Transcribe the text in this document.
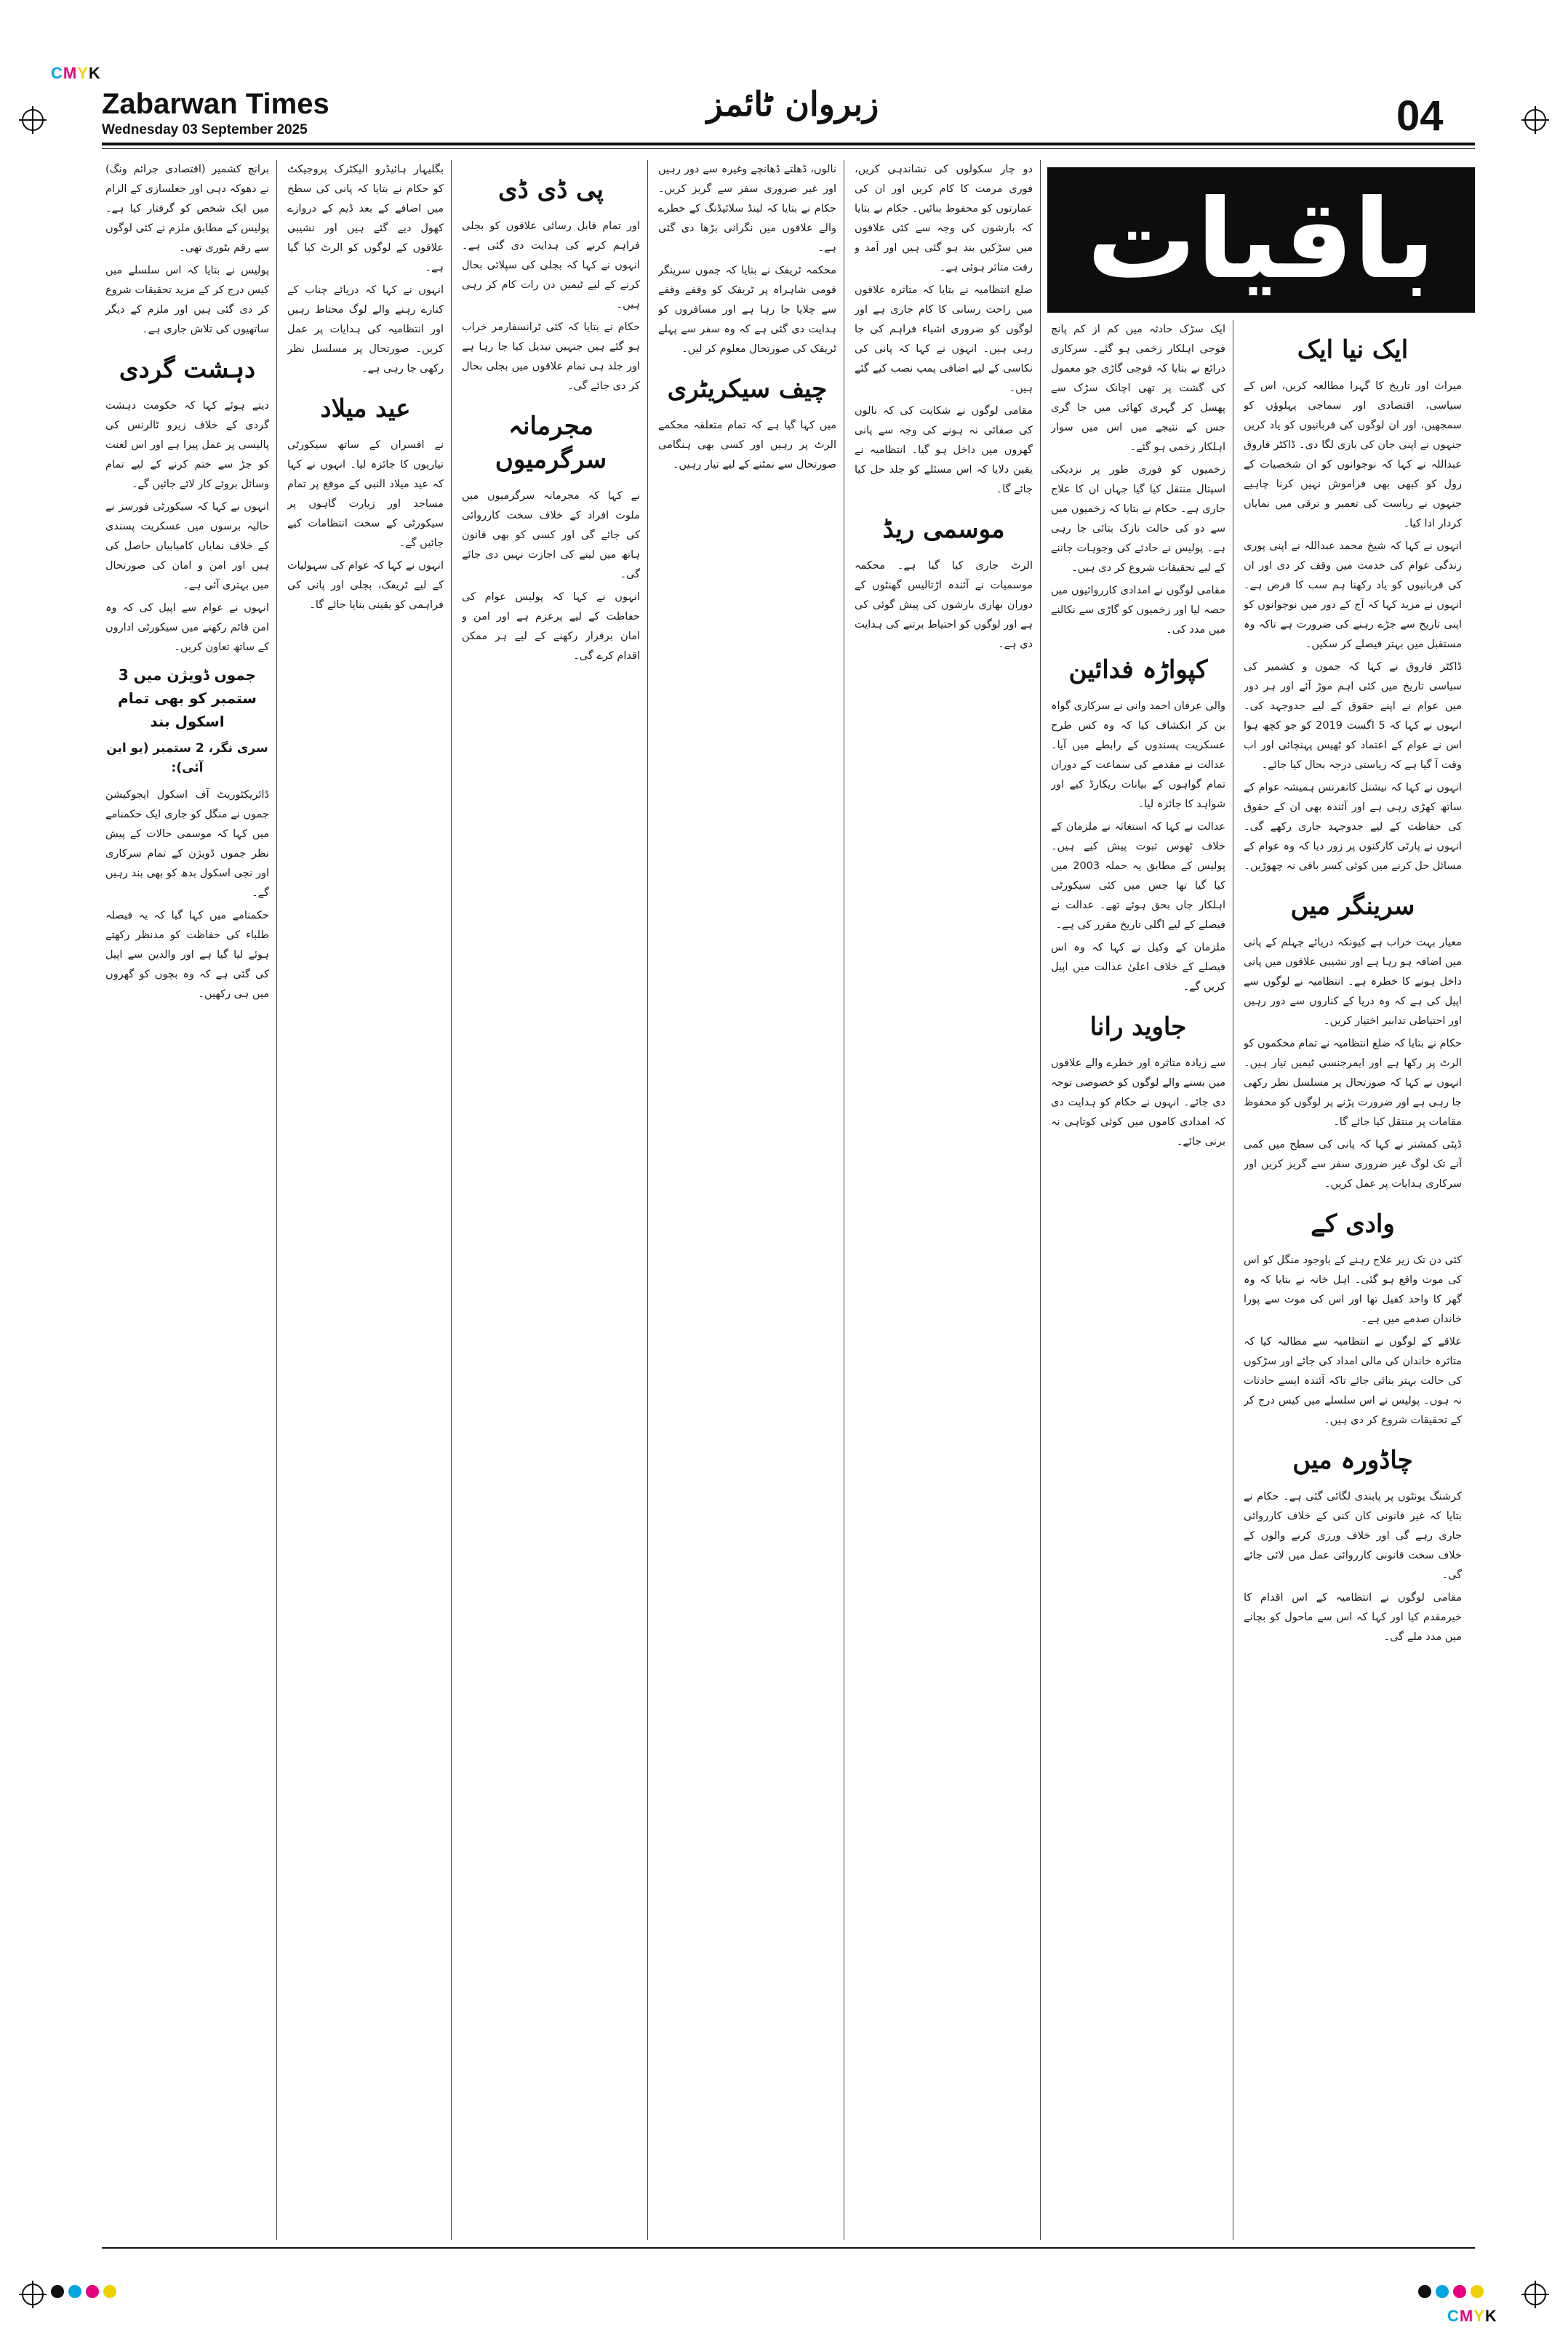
CMYK
CMYK
Zabarwan Times
Wednesday 03 September 2025
زبروان ٹائمز	04
باقیات
ایک نیا ایک

میراث اور تاریخ کا گہرا مطالعہ کریں، اس کے سیاسی، اقتصادی اور سماجی پہلوؤں کو سمجھیں، اور ان لوگوں کی قربانیوں کو یاد کریں جنہوں نے اپنی جان کی بازی لگا دی۔ ڈاکٹر فاروق عبداللہ نے کہا کہ نوجوانوں کو ان شخصیات کے رول کو کبھی بھی فراموش نہیں کرنا چاہیے جنہوں نے ریاست کی تعمیر و ترقی میں نمایاں کردار ادا کیا۔

انہوں نے کہا کہ شیخ محمد عبداللہ نے اپنی پوری زندگی عوام کی خدمت میں وقف کر دی اور ان کی قربانیوں کو یاد رکھنا ہم سب کا فرض ہے۔ انہوں نے مزید کہا کہ آج کے دور میں نوجوانوں کو اپنی تاریخ سے جڑے رہنے کی ضرورت ہے تاکہ وہ مستقبل میں بہتر فیصلے کر سکیں۔

ڈاکٹر فاروق نے کہا کہ جموں و کشمیر کی سیاسی تاریخ میں کئی اہم موڑ آئے اور ہر دور میں عوام نے اپنے حقوق کے لیے جدوجہد کی۔ انہوں نے کہا کہ 5 اگست 2019 کو جو کچھ ہوا اس نے عوام کے اعتماد کو ٹھیس پہنچائی اور اب وقت آ گیا ہے کہ ریاستی درجہ بحال کیا جائے۔

انہوں نے کہا کہ نیشنل کانفرنس ہمیشہ عوام کے ساتھ کھڑی رہی ہے اور آئندہ بھی ان کے حقوق کی حفاظت کے لیے جدوجہد جاری رکھے گی۔ انہوں نے پارٹی کارکنوں پر زور دیا کہ وہ عوام کے مسائل حل کرنے میں کوئی کسر باقی نہ چھوڑیں۔

سرینگر میں

معیار بہت خراب ہے کیونکہ دریائے جہلم کے پانی میں اضافہ ہو رہا ہے اور نشیبی علاقوں میں پانی داخل ہونے کا خطرہ ہے۔ انتظامیہ نے لوگوں سے اپیل کی ہے کہ وہ دریا کے کناروں سے دور رہیں اور احتیاطی تدابیر اختیار کریں۔

حکام نے بتایا کہ ضلع انتظامیہ نے تمام محکموں کو الرٹ پر رکھا ہے اور ایمرجنسی ٹیمیں تیار ہیں۔ انہوں نے کہا کہ صورتحال پر مسلسل نظر رکھی جا رہی ہے اور ضرورت پڑنے پر لوگوں کو محفوظ مقامات پر منتقل کیا جائے گا۔

ڈپٹی کمشنر نے کہا کہ پانی کی سطح میں کمی آنے تک لوگ غیر ضروری سفر سے گریز کریں اور سرکاری ہدایات پر عمل کریں۔

وادی کے

کئی دن تک زیر علاج رہنے کے باوجود منگل کو اس کی موت واقع ہو گئی۔ اہل خانہ نے بتایا کہ وہ گھر کا واحد کفیل تھا اور اس کی موت سے پورا خاندان صدمے میں ہے۔

علاقے کے لوگوں نے انتظامیہ سے مطالبہ کیا کہ متاثرہ خاندان کی مالی امداد کی جائے اور سڑکوں کی حالت بہتر بنائی جائے تاکہ آئندہ ایسے حادثات نہ ہوں۔ پولیس نے اس سلسلے میں کیس درج کر کے تحقیقات شروع کر دی ہیں۔

چاڈورہ میں

کرشنگ یونٹوں پر پابندی لگائی گئی ہے۔ حکام نے بتایا کہ غیر قانونی کان کنی کے خلاف کارروائی جاری رہے گی اور خلاف ورزی کرنے والوں کے خلاف سخت قانونی کارروائی عمل میں لائی جائے گی۔

مقامی لوگوں نے انتظامیہ کے اس اقدام کا خیرمقدم کیا اور کہا کہ اس سے ماحول کو بچانے میں مدد ملے گی۔

ایک سڑک حادثہ میں کم از کم پانچ فوجی اہلکار زخمی ہو گئے۔ سرکاری ذرائع نے بتایا کہ فوجی گاڑی جو معمول کی گشت پر تھی اچانک سڑک سے پھسل کر گہری کھائی میں جا گری جس کے نتیجے میں اس میں سوار اہلکار زخمی ہو گئے۔

زخمیوں کو فوری طور پر نزدیکی اسپتال منتقل کیا گیا جہاں ان کا علاج جاری ہے۔ حکام نے بتایا کہ زخمیوں میں سے دو کی حالت نازک بتائی جا رہی ہے۔ پولیس نے حادثے کی وجوہات جاننے کے لیے تحقیقات شروع کر دی ہیں۔

مقامی لوگوں نے امدادی کارروائیوں میں حصہ لیا اور زخمیوں کو گاڑی سے نکالنے میں مدد کی۔

کپواڑہ فدائین

والی عرفان احمد وانی نے سرکاری گواہ بن کر انکشاف کیا کہ وہ کس طرح عسکریت پسندوں کے رابطے میں آیا۔ عدالت نے مقدمے کی سماعت کے دوران تمام گواہوں کے بیانات ریکارڈ کیے اور شواہد کا جائزہ لیا۔

عدالت نے کہا کہ استغاثہ نے ملزمان کے خلاف ٹھوس ثبوت پیش کیے ہیں۔ پولیس کے مطابق یہ حملہ 2003 میں کیا گیا تھا جس میں کئی سیکورٹی اہلکار جاں بحق ہوئے تھے۔ عدالت نے فیصلے کے لیے اگلی تاریخ مقرر کی ہے۔

ملزمان کے وکیل نے کہا کہ وہ اس فیصلے کے خلاف اعلیٰ عدالت میں اپیل کریں گے۔

جاوید رانا

سے زیادہ متاثرہ اور خطرے والے علاقوں میں بسنے والے لوگوں کو خصوصی توجہ دی جائے۔ انہوں نے حکام کو ہدایت دی کہ امدادی کاموں میں کوئی کوتاہی نہ برتی جائے۔

دو چار سکولوں کی نشاندہی کریں، فوری مرمت کا کام کریں اور ان کی عمارتوں کو محفوظ بنائیں۔ حکام نے بتایا کہ بارشوں کی وجہ سے کئی علاقوں میں سڑکیں بند ہو گئی ہیں اور آمد و رفت متاثر ہوئی ہے۔

ضلع انتظامیہ نے بتایا کہ متاثرہ علاقوں میں راحت رسانی کا کام جاری ہے اور لوگوں کو ضروری اشیاء فراہم کی جا رہی ہیں۔ انہوں نے کہا کہ پانی کی نکاسی کے لیے اضافی پمپ نصب کیے گئے ہیں۔

مقامی لوگوں نے شکایت کی کہ نالوں کی صفائی نہ ہونے کی وجہ سے پانی گھروں میں داخل ہو گیا۔ انتظامیہ نے یقین دلایا کہ اس مسئلے کو جلد حل کیا جائے گا۔

موسمی ریڈ

الرٹ جاری کیا گیا ہے۔ محکمہ موسمیات نے آئندہ اڑتالیس گھنٹوں کے دوران بھاری بارشوں کی پیش گوئی کی ہے اور لوگوں کو احتیاط برتنے کی ہدایت دی ہے۔

نالوں، ڈھلتے ڈھانچے وغیرہ سے دور رہیں اور غیر ضروری سفر سے گریز کریں۔ حکام نے بتایا کہ لینڈ سلائیڈنگ کے خطرے والے علاقوں میں نگرانی بڑھا دی گئی ہے۔

محکمہ ٹریفک نے بتایا کہ جموں سرینگر قومی شاہراہ پر ٹریفک کو وقفے وقفے سے چلایا جا رہا ہے اور مسافروں کو ہدایت دی گئی ہے کہ وہ سفر سے پہلے ٹریفک کی صورتحال معلوم کر لیں۔

چیف سیکریٹری

میں کہا گیا ہے کہ تمام متعلقہ محکمے الرٹ پر رہیں اور کسی بھی ہنگامی صورتحال سے نمٹنے کے لیے تیار رہیں۔

پی ڈی ڈی

اور تمام قابل رسائی علاقوں کو بجلی فراہم کرنے کی ہدایت دی گئی ہے۔ انہوں نے کہا کہ بجلی کی سپلائی بحال کرنے کے لیے ٹیمیں دن رات کام کر رہی ہیں۔

حکام نے بتایا کہ کئی ٹرانسفارمر خراب ہو گئے ہیں جنہیں تبدیل کیا جا رہا ہے اور جلد ہی تمام علاقوں میں بجلی بحال کر دی جائے گی۔

مجرمانہ سرگرمیوں

نے کہا کہ مجرمانہ سرگرمیوں میں ملوث افراد کے خلاف سخت کارروائی کی جائے گی اور کسی کو بھی قانون ہاتھ میں لینے کی اجازت نہیں دی جائے گی۔

انہوں نے کہا کہ پولیس عوام کی حفاظت کے لیے پرعزم ہے اور امن و امان برقرار رکھنے کے لیے ہر ممکن اقدام کرے گی۔

بگلیہار ہائیڈرو الیکٹرک پروجیکٹ کو حکام نے بتایا کہ پانی کی سطح میں اضافے کے بعد ڈیم کے دروازے کھول دیے گئے ہیں اور نشیبی علاقوں کے لوگوں کو الرٹ کیا گیا ہے۔

انہوں نے کہا کہ دریائے چناب کے کنارے رہنے والے لوگ محتاط رہیں اور انتظامیہ کی ہدایات پر عمل کریں۔ صورتحال پر مسلسل نظر رکھی جا رہی ہے۔

عید میلاد

نے افسران کے ساتھ سیکورٹی تیاریوں کا جائزہ لیا۔ انہوں نے کہا کہ عید میلاد النبی کے موقع پر تمام مساجد اور زیارت گاہوں پر سیکورٹی کے سخت انتظامات کیے جائیں گے۔

انہوں نے کہا کہ عوام کی سہولیات کے لیے ٹریفک، بجلی اور پانی کی فراہمی کو یقینی بنایا جائے گا۔

برانچ کشمیر (اقتصادی جرائم ونگ) نے دھوکہ دہی اور جعلسازی کے الزام میں ایک شخص کو گرفتار کیا ہے۔ پولیس کے مطابق ملزم نے کئی لوگوں سے رقم بٹوری تھی۔

پولیس نے بتایا کہ اس سلسلے میں کیس درج کر کے مزید تحقیقات شروع کر دی گئی ہیں اور ملزم کے دیگر ساتھیوں کی تلاش جاری ہے۔

دہشت گردی

دیتے ہوئے کہا کہ حکومت دہشت گردی کے خلاف زیرو ٹالرنس کی پالیسی پر عمل پیرا ہے اور اس لعنت کو جڑ سے ختم کرنے کے لیے تمام وسائل بروئے کار لائے جائیں گے۔

انہوں نے کہا کہ سیکورٹی فورسز نے حالیہ برسوں میں عسکریت پسندی کے خلاف نمایاں کامیابیاں حاصل کی ہیں اور امن و امان کی صورتحال میں بہتری آئی ہے۔

انہوں نے عوام سے اپیل کی کہ وہ امن قائم رکھنے میں سیکورٹی اداروں کے ساتھ تعاون کریں۔

جموں ڈویژن میں 3 ستمبر کو بھی تمام اسکول بند
سری نگر، 2 ستمبر (یو این آئی):

ڈائریکٹوریٹ آف اسکول ایجوکیشن جموں نے منگل کو جاری ایک حکمنامے میں کہا کہ موسمی حالات کے پیش نظر جموں ڈویژن کے تمام سرکاری اور نجی اسکول بدھ کو بھی بند رہیں گے۔

حکمنامے میں کہا گیا کہ یہ فیصلہ طلباء کی حفاظت کو مدنظر رکھتے ہوئے لیا گیا ہے اور والدین سے اپیل کی گئی ہے کہ وہ بچوں کو گھروں میں ہی رکھیں۔
